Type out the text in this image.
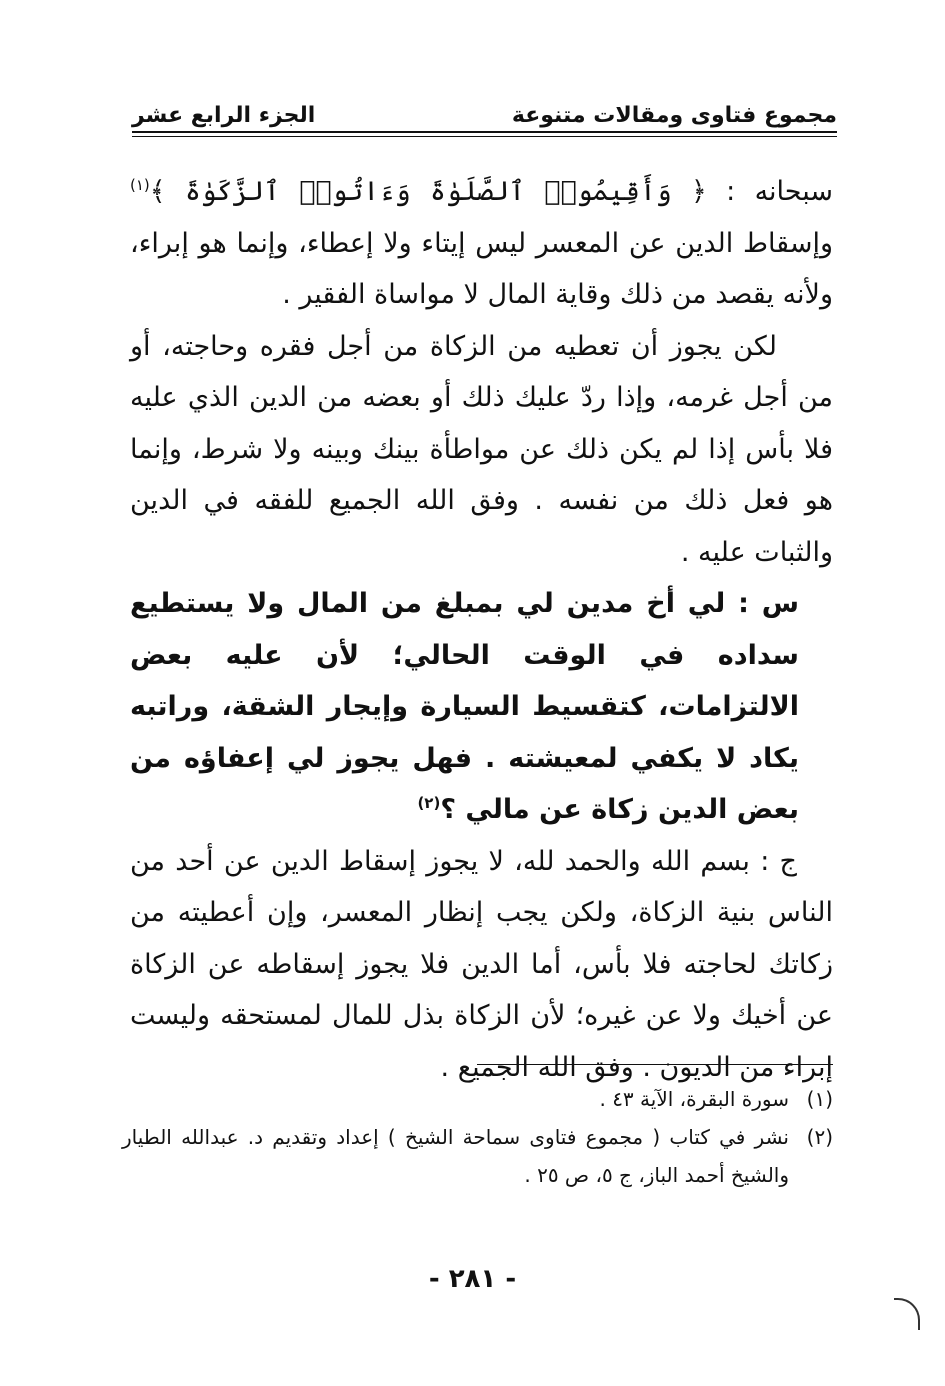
مجموع فتاوى ومقالات متنوعة
الجزء الرابع عشر

سبحانه : ﴿ وَأَقِيمُوا۟ ٱلصَّلَوٰةَ وَءَاتُوا۟ ٱلزَّكَوٰةَ ﴾$^{(١)}$ وإسقاط الدين عن المعسر ليس إيتاء ولا إعطاء، وإنما هو إبراء، ولأنه يقصد من ذلك وقاية المال لا مواساة الفقير .

لكن يجوز أن تعطيه من الزكاة من أجل فقره وحاجته، أو من أجل غرمه، وإذا ردّ عليك ذلك أو بعضه من الدين الذي عليه فلا بأس إذا لم يكن ذلك عن مواطأة بينك وبينه ولا شرط، وإنما هو فعل ذلك من نفسه . وفق الله الجميع للفقه في الدين والثبات عليه .

س : لي أخ مدين لي بمبلغ من المال ولا يستطيع سداده في الوقت الحالي؛ لأن عليه بعض الالتزامات، كتقسيط السيارة وإيجار الشقة، وراتبه يكاد لا يكفي لمعيشته . فهل يجوز لي إعفاؤه من بعض الدين زكاة عن مالي ؟$^{(٢)}$

ج : بسم الله والحمد لله، لا يجوز إسقاط الدين عن أحد من الناس بنية الزكاة، ولكن يجب إنظار المعسر، وإن أعطيته من زكاتك لحاجته فلا بأس، أما الدين فلا يجوز إسقاطه عن الزكاة عن أخيك ولا عن غيره؛ لأن الزكاة بذل للمال لمستحقه وليست إبراء من الديون . وفق الله الجميع .

(١)
سورة البقرة، الآية ٤٣ .
(٢)
نشر في كتاب ( مجموع فتاوى سماحة الشيخ ) إعداد وتقديم د. عبدالله الطيار والشيخ أحمد الباز، ج ٥، ص ٢٥ .
- ٢٨١ -
